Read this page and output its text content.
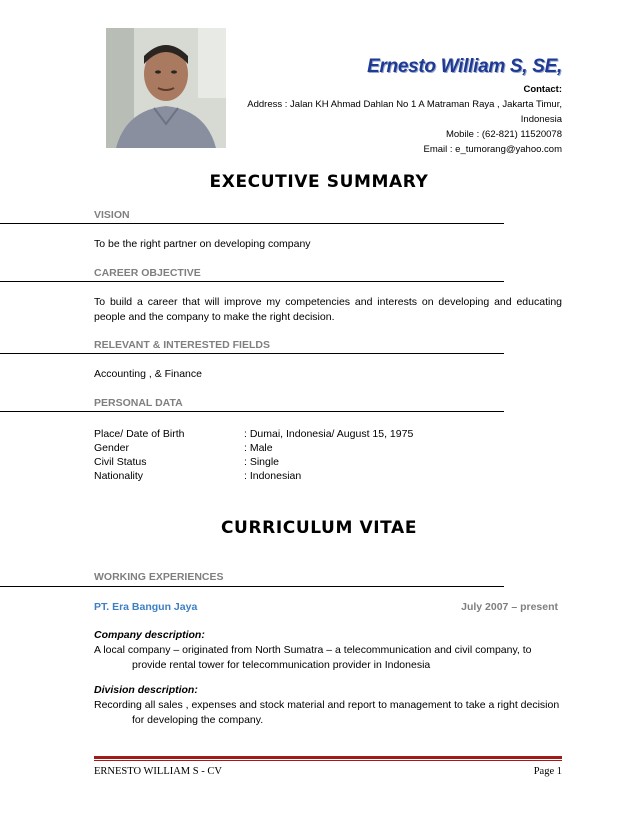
Ernesto William S, SE,
Contact:
Address : Jalan KH Ahmad Dahlan No 1 A Matraman Raya , Jakarta Timur,
Indonesia
Mobile : (62-821) 11520078
Email : e_tumorang@yahoo.com
EXECUTIVE SUMMARY
VISION
To be the right partner on developing company
CAREER OBJECTIVE
To build a career that will improve my competencies and interests on developing and educating people and the company to make the right decision.
RELEVANT & INTERESTED FIELDS
Accounting , & Finance
PERSONAL DATA
Place/ Date of Birth	: Dumai, Indonesia/ August 15, 1975
Gender	: Male
Civil Status	: Single
Nationality	: Indonesian
CURRICULUM VITAE
WORKING EXPERIENCES
PT. Era Bangun Jaya	July 2007 – present
Company description:
A local company – originated from North Sumatra – a telecommunication and civil company, to
provide rental tower for telecommunication provider in Indonesia
Division description:
Recording all sales , expenses and stock material and report to management to take a right decision
for developing the company.
ERNESTO WILLIAM S - CV	Page 1
